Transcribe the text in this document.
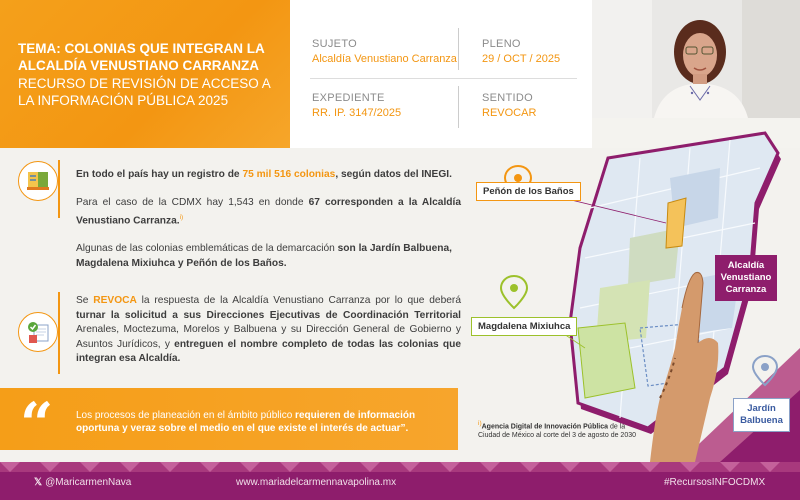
TEMA: COLONIAS QUE INTEGRAN LA ALCALDÍA VENUSTIANO CARRANZA
RECURSO DE REVISIÓN DE ACCESO A LA INFORMACIÓN PÚBLICA 2025
SUJETO
Alcaldía Venustiano Carranza
PLENO
29 / OCT / 2025
EXPEDIENTE
RR. IP. 3147/2025
SENTIDO
REVOCAR
En todo el país hay un registro de 75 mil 516 colonias, según datos del INEGI.
Para el caso de la CDMX hay 1,543 en donde 67 corresponden a la Alcaldía Venustiano Carranza.$^{i)}$
Algunas de las colonias emblemáticas de la demarcación son la Jardín Balbuena, Magdalena Mixiuhca y Peñón de los Baños.
Se REVOCA la respuesta de la Alcaldía Venustiano Carranza por lo que deberá turnar la solicitud a sus Direcciones Ejecutivas de Coordinación Territorial Arenales, Moctezuma, Morelos y Balbuena y su Dirección General de Gobierno y Asuntos Jurídicos, y entreguen el nombre completo de todas las colonias que integran esa Alcaldía.
“ Los procesos de planeación en el ámbito público requieren de información oportuna y veraz sobre el medio en el que existe el interés de actuar”.
Peñón de los Baños
Magdalena Mixiuhca
Alcaldía Venustiano Carranza
Jardín Balbuena
i)Agencia Digital de Innovación Pública de la Ciudad de México al corte del 3 de agosto de 2030
𝕏 @MaricarmenNava	www.mariadelcarmennavapolina.mx	#RecursosINFOCDMX
